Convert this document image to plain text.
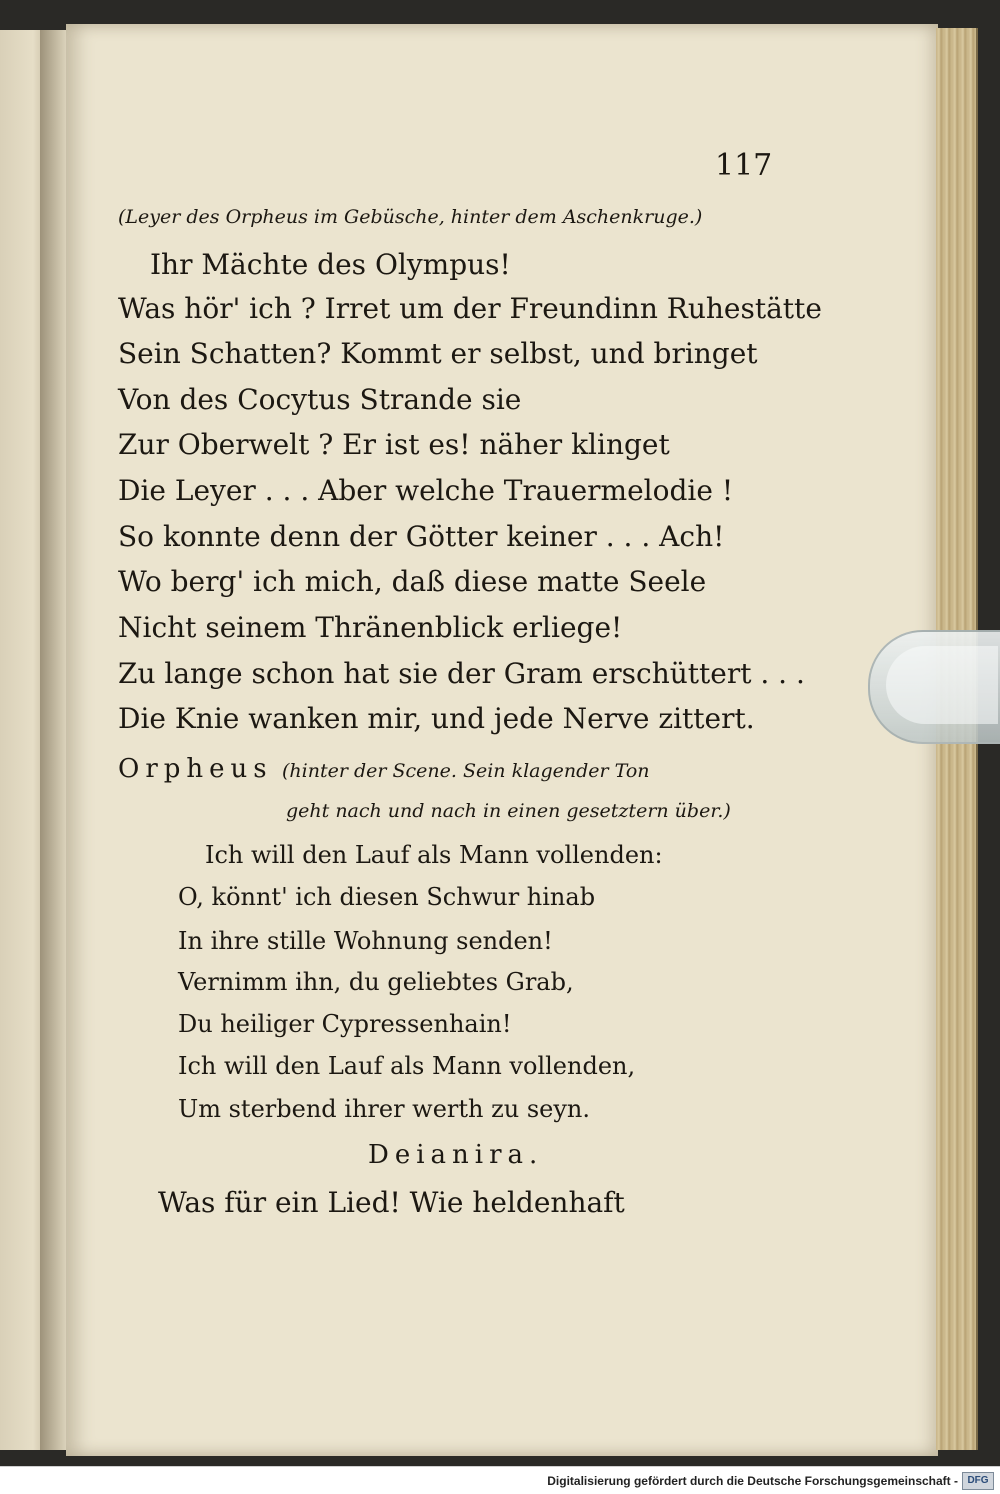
117

(Leyer des Orpheus im Gebüsche, hinter dem Aschenkruge.)

Ihr Mächte des Olympus!

Was hör' ich ? Irret um der Freundinn Ruhestätte

Sein Schatten? Kommt er selbst, und bringet

Von des Cocytus Strande sie

Zur Oberwelt ? Er ist es! näher klinget

Die Leyer . . . Aber welche Trauermelodie !

So konnte denn der Götter keiner . . . Ach!

Wo berg' ich mich, daß diese matte Seele

Nicht seinem Thränenblick erliege!

Zu lange schon hat sie der Gram erschüttert . . .

Die Knie wanken mir, und jede Nerve zittert.

Orpheus (hinter der Scene. Sein klagender Ton

geht nach und nach in einen gesetztern über.)

Ich will den Lauf als Mann vollenden:

O, könnt' ich diesen Schwur hinab

In ihre stille Wohnung senden!

Vernimm ihn, du geliebtes Grab,

Du heiliger Cypressenhain!

Ich will den Lauf als Mann vollenden,

Um sterbend ihrer werth zu seyn.

Deianira.

Was für ein Lied! Wie heldenhaft

Digitalisierung gefördert durch die Deutsche Forschungsgemeinschaft - DFG
